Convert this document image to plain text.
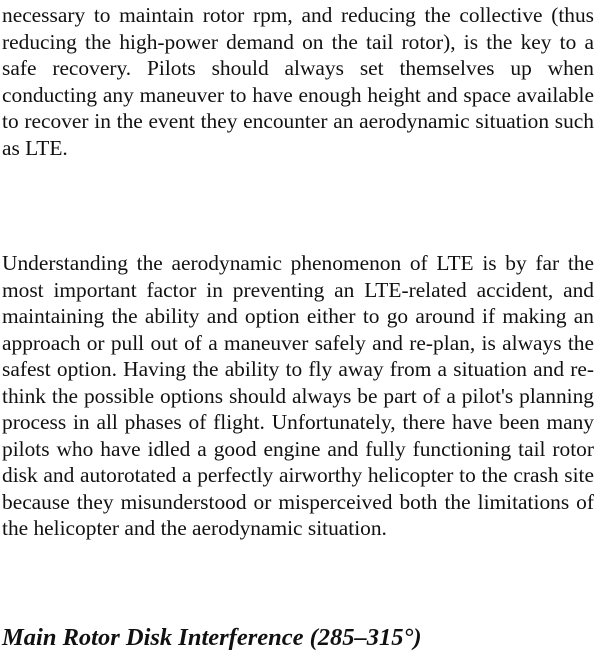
necessary to maintain rotor rpm, and reducing the collective (thus reducing the high-power demand on the tail rotor), is the key to a safe recovery. Pilots should always set themselves up when conducting any maneuver to have enough height and space available to recover in the event they encounter an aerodynamic situation such as LTE.

Understanding the aerodynamic phenomenon of LTE is by far the most important factor in preventing an LTE-related accident, and maintaining the ability and option either to go around if making an approach or pull out of a maneuver safely and re-plan, is always the safest option. Having the ability to fly away from a situation and re-think the possible options should always be part of a pilot's planning process in all phases of flight. Unfortunately, there have been many pilots who have idled a good engine and fully functioning tail rotor disk and autorotated a perfectly airworthy helicopter to the crash site because they misunderstood or misperceived both the limitations of the helicopter and the aerodynamic situation.

Main Rotor Disk Interference (285–315°)
